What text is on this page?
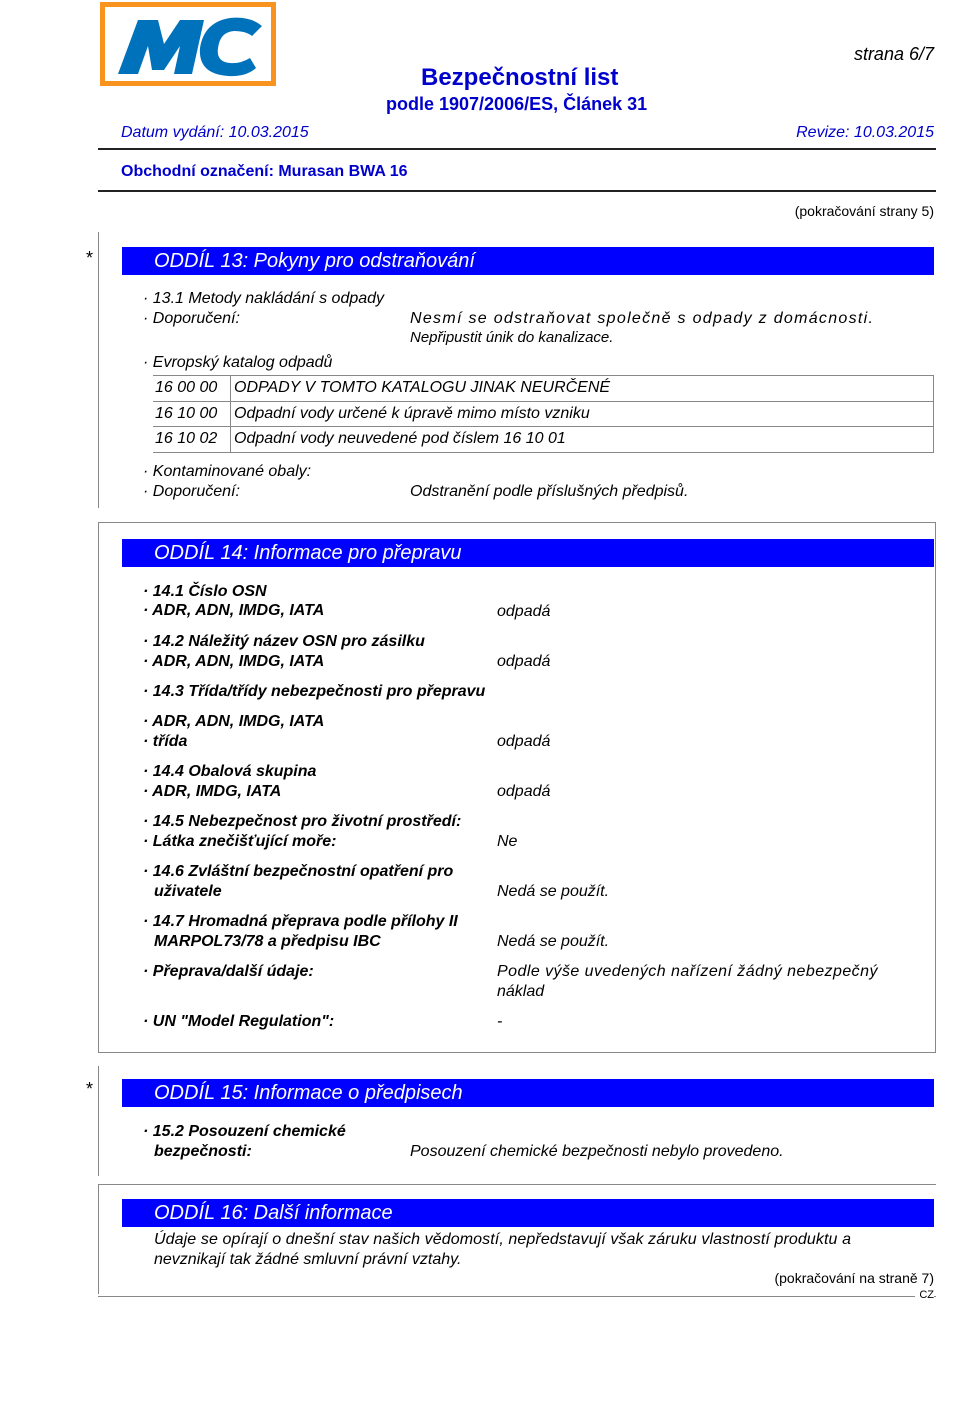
strana 6/7
Bezpečnostní list
podle 1907/2006/ES, Článek 31
Datum vydání: 10.03.2015	Revize: 10.03.2015
Obchodní označení: Murasan BWA 16
(pokračování strany 5)
*	ODDÍL 13: Pokyny pro odstraňování
· 13.1 Metody nakládání s odpady
· Doporučení:	Nesmí se odstraňovat společně s odpady z domácnosti.
Nepřipustit únik do kanalizace.
· Evropský katalog odpadů
16 00 00 ODPADY V TOMTO KATALOGU JINAK NEURČENÉ
16 10 00 Odpadní vody určené k úpravě mimo místo vzniku
16 10 02 Odpadní vody neuvedené pod číslem 16 10 01
· Kontaminované obaly:
· Doporučení:	Odstranění podle příslušných předpisů.
ODDÍL 14: Informace pro přepravu
· 14.1 Číslo OSN
· ADR, ADN, IMDG, IATA	odpadá
· 14.2 Náležitý název OSN pro zásilku
· ADR, ADN, IMDG, IATA	odpadá
· 14.3 Třída/třídy nebezpečnosti pro přepravu
· ADR, ADN, IMDG, IATA
· třída	odpadá
· 14.4 Obalová skupina
· ADR, IMDG, IATA	odpadá
· 14.5 Nebezpečnost pro životní prostředí:
· Látka znečišťující moře:	Ne
· 14.6 Zvláštní bezpečnostní opatření pro
uživatele	Nedá se použít.
· 14.7 Hromadná přeprava podle přílohy II
MARPOL73/78 a předpisu IBC	Nedá se použít.
· Přeprava/další údaje:	Podle výše uvedených nařízení žádný nebezpečný
náklad
· UN "Model Regulation":	-
*	ODDÍL 15: Informace o předpisech
· 15.2 Posouzení chemické
bezpečnosti:	Posouzení chemické bezpečnosti nebylo provedeno.
ODDÍL 16: Další informace
Údaje se opírají o dnešní stav našich vědomostí, nepředstavují však záruku vlastností produktu a
nevznikají tak žádné smluvní právní vztahy.
(pokračování na straně 7)
CZ
